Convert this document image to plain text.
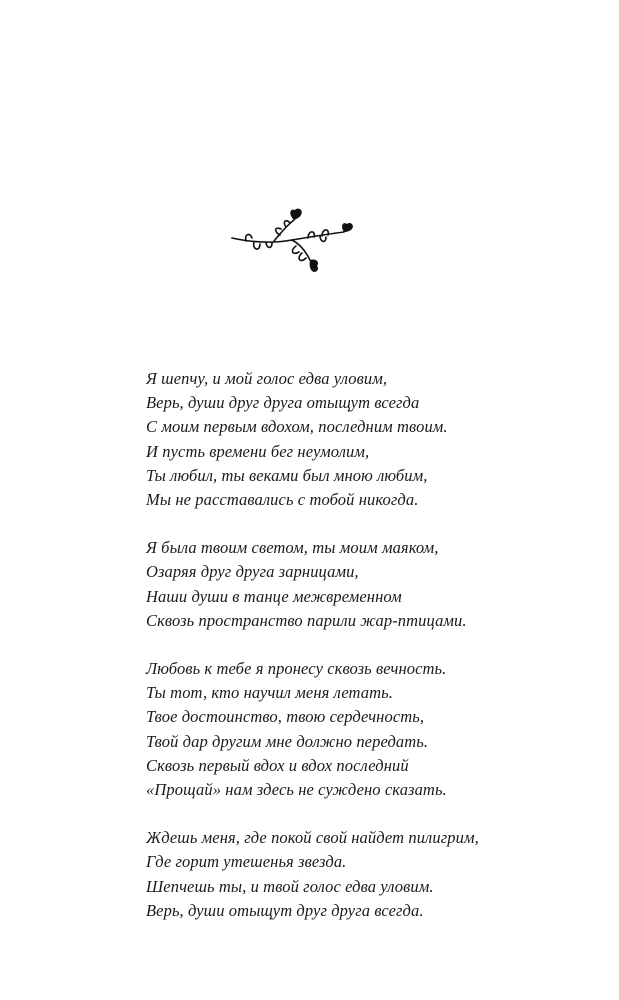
Я шепчу, и мой голос едва уловим,
Верь, души друг друга отыщут всегда
С моим первым вдохом, последним твоим.
И пусть времени бег неумолим,
Ты любил, ты веками был мною любим,
Мы не расставались с тобой никогда.

Я была твоим светом, ты моим маяком,
Озаряя друг друга зарницами,
Наши души в танце межвременном
Сквозь пространство парили жар-птицами.

Любовь к тебе я пронесу сквозь вечность.
Ты тот, кто научил меня летать.
Твое достоинство, твою сердечность,
Твой дар другим мне должно передать.
Сквозь первый вдох и вдох последний
«Прощай» нам здесь не суждено сказать.

Ждешь меня, где покой свой найдет пилигрим,
Где горит утешенья звезда.
Шепчешь ты, и твой голос едва уловим.
Верь, души отыщут друг друга всегда.
